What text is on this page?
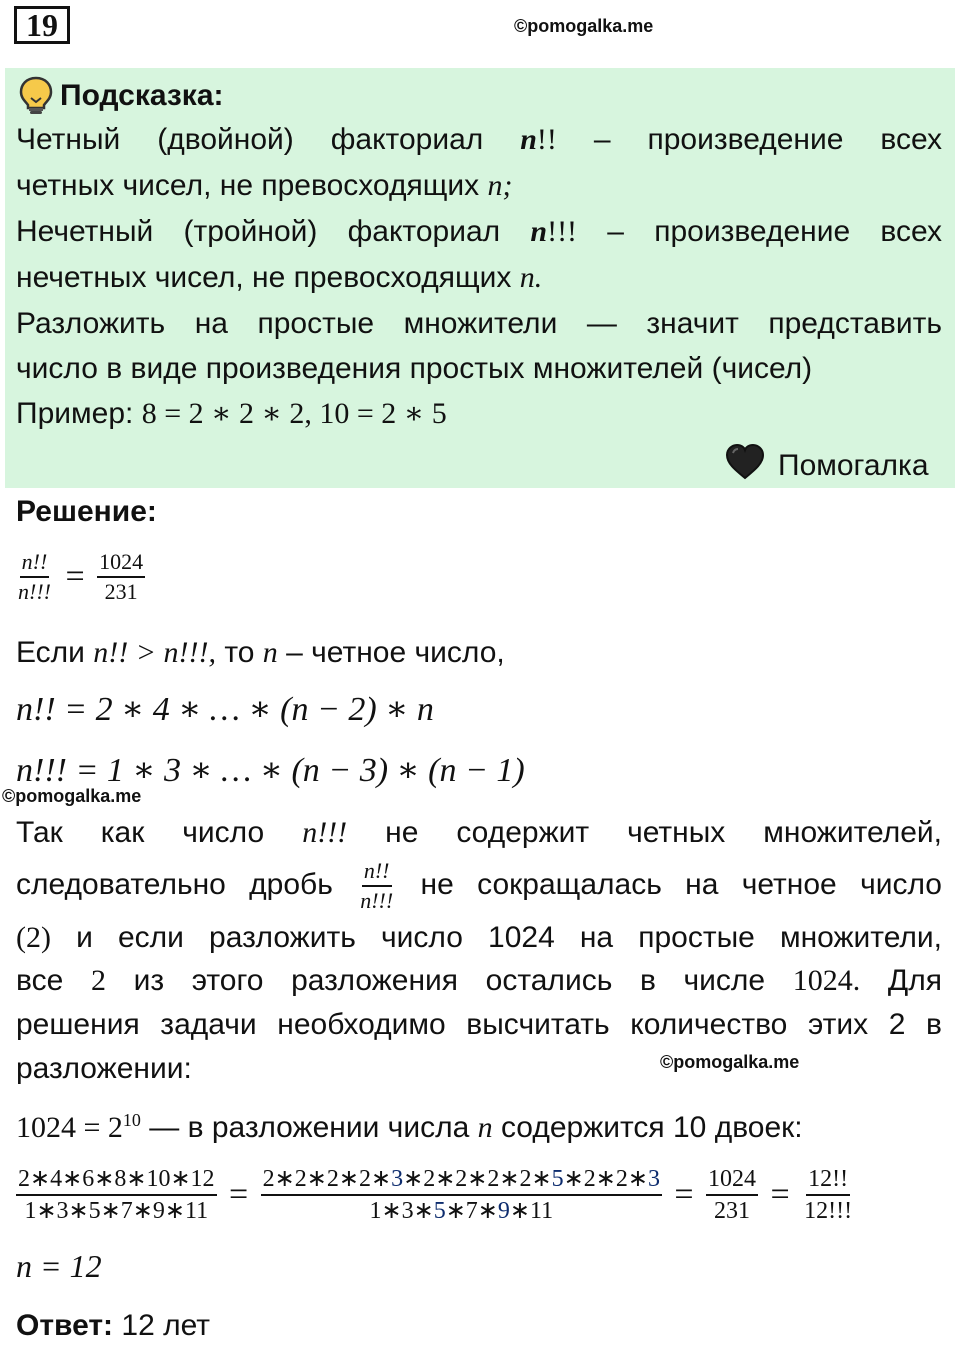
19	©pomogalka.me
Подсказка:
Четный (двойной) факториал n!! – произведение всех
четных чисел, не превосходящих n;
Нечетный (тройной) факториал n!!! – произведение всех
нечетных чисел, не превосходящих n.
Разложить на простые множители — значит представить
число в виде произведения простых множителей (чисел)
Пример: 8 = 2 ∗ 2 ∗ 2, 10 = 2 ∗ 5
Помогалка
Решение:
$\frac{n!!}{n!!!} = \frac{1024}{231}$
Если n!! > n!!!, то n – четное число,
n!! = 2 ∗ 4 ∗ … ∗ (n − 2) ∗ n
n!!! = 1 ∗ 3 ∗ … ∗ (n − 3) ∗ (n − 1)
©pomogalka.me
Так как число n!!! не содержит четных множителей,
следовательно дробь $\frac{n!!}{n!!!}$ не сокращалась на четное число
(2) и если разложить число 1024 на простые множители,
все 2 из этого разложения остались в числе 1024. Для
решения задачи необходимо высчитать количество этих 2 в
разложении:	©pomogalka.me
$1024 = 2^{10}$ — в разложении числа n содержится 10 двоек:
$\frac{2∗4∗6∗8∗10∗12}{1∗3∗5∗7∗9∗11} = \frac{2∗2∗2∗2∗3∗2∗2∗2∗2∗5∗2∗2∗3}{1∗3∗5∗7∗9∗11} = \frac{1024}{231} = \frac{12!!}{12!!!}$
n = 12
Ответ: 12 лет
